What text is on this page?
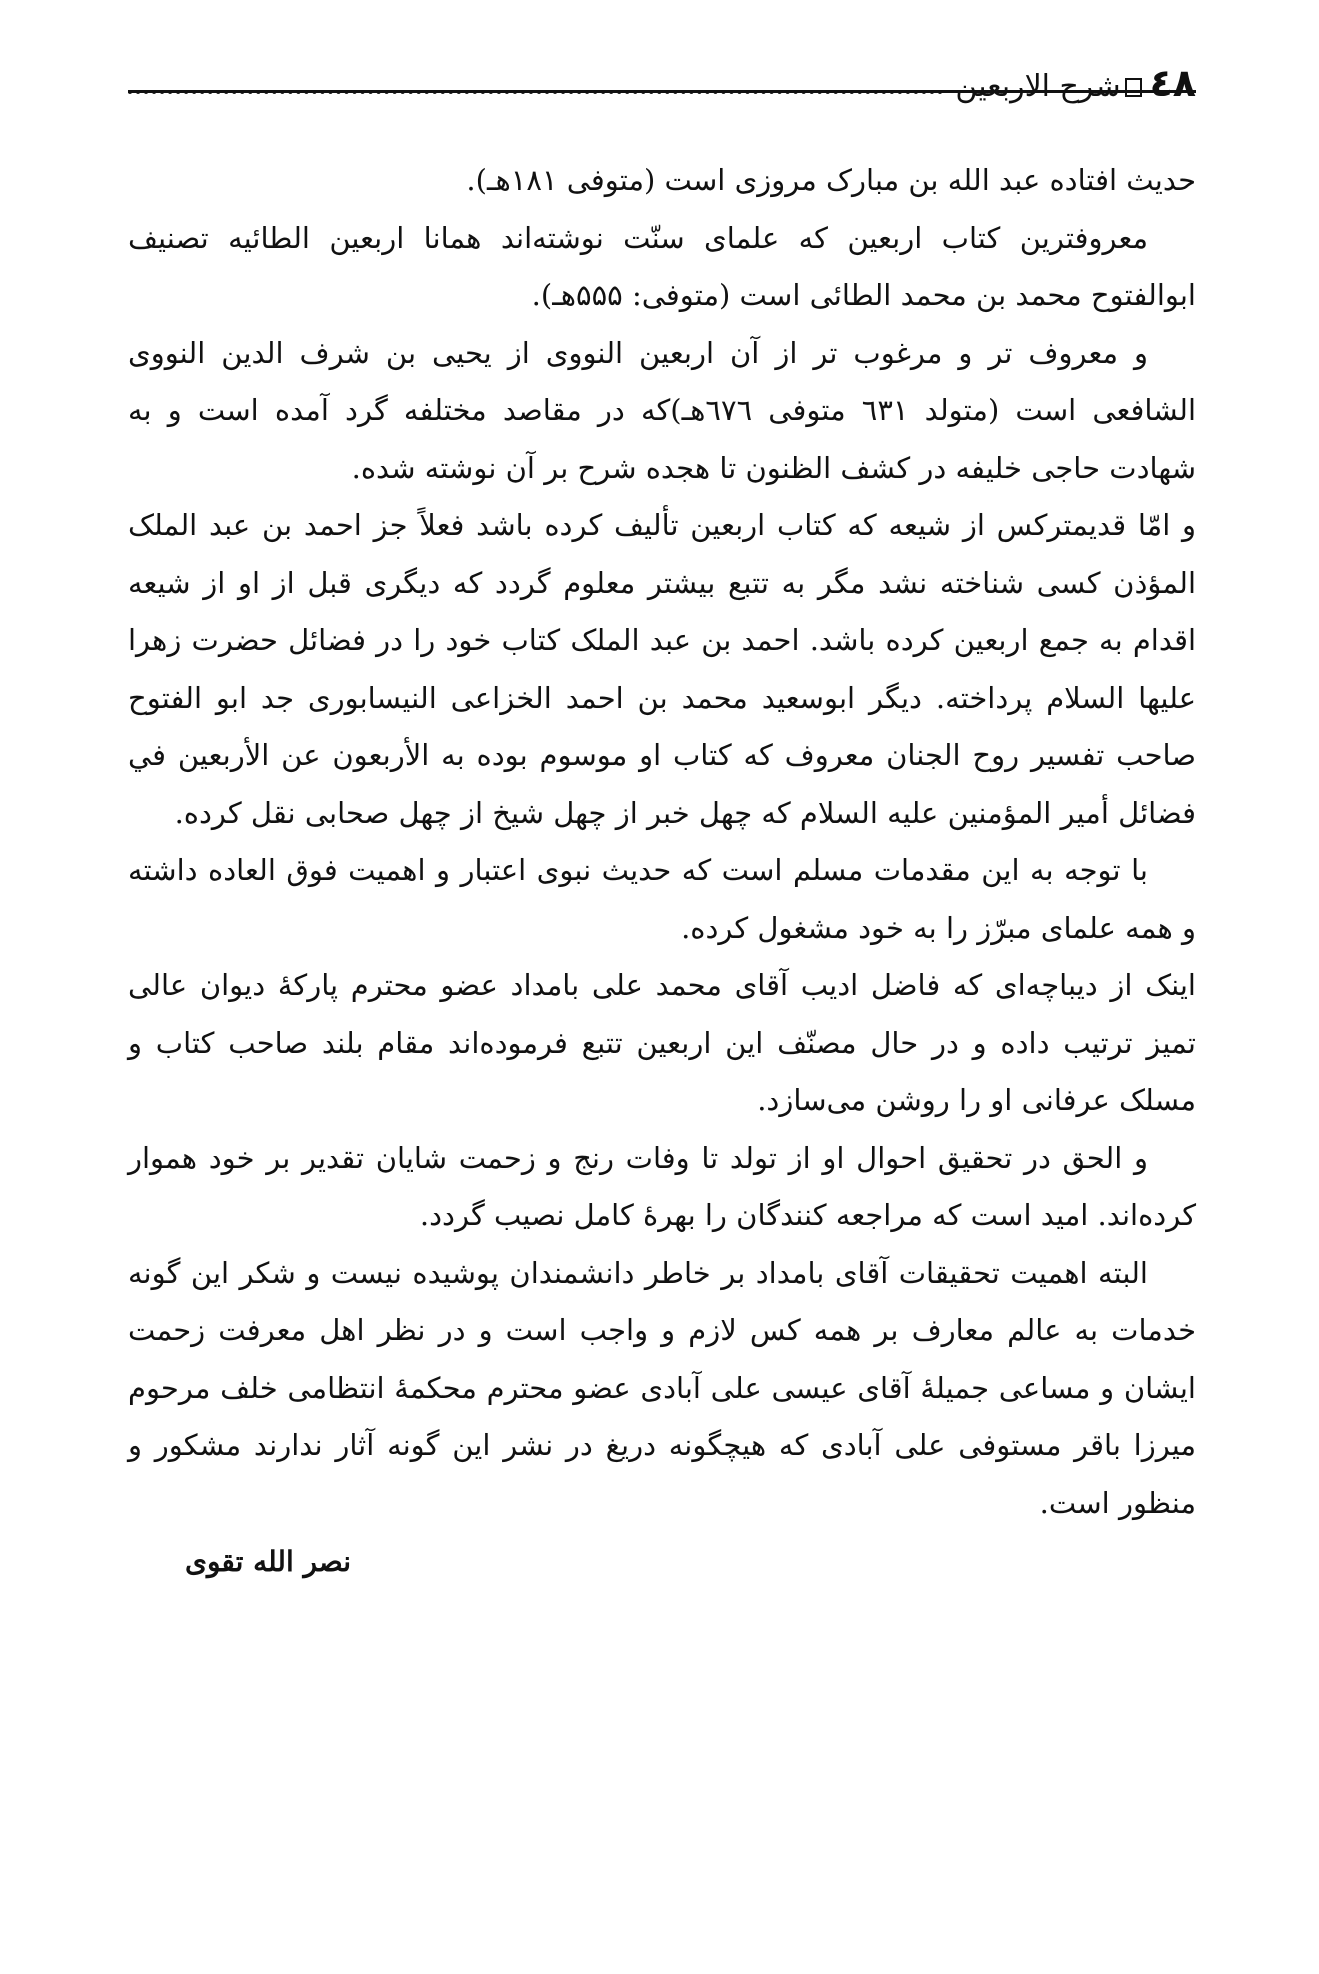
٤٨
شرح الاربعين

حدیث افتاده عبد الله بن مبارک مروزی است (متوفی ۱۸۱هـ).

معروفترین کتاب اربعین که علمای سنّت نوشته‌اند همانا اربعین الطائیه تصنیف ابوالفتوح محمد بن محمد الطائی است (متوفی: ۵۵۵هـ).

و معروف تر و مرغوب تر از آن اربعین النووی از یحیی بن شرف الدین النووی الشافعی است (متولد ٦٣١ متوفی ٦٧٦هـ)که در مقاصد مختلفه گرد آمده است و به شهادت حاجی خلیفه در کشف الظنون تا هجده شرح بر آن نوشته شده.

و امّا قدیمترکس از شیعه که کتاب اربعین تألیف کرده باشد فعلاً جز احمد بن عبد الملک المؤذن کسی شناخته نشد مگر به تتبع بیشتر معلوم گردد که دیگری قبل از او از شیعه اقدام به جمع اربعین کرده باشد. احمد بن عبد الملک کتاب خود را در فضائل حضرت زهرا علیها السلام پرداخته. دیگر ابوسعید محمد بن احمد الخزاعی النیسابوری جد ابو الفتوح صاحب تفسیر روح الجنان معروف که کتاب او موسوم بوده به الأربعون عن الأربعین في فضائل أمير المؤمنين عليه السلام که چهل خبر از چهل شیخ از چهل صحابی نقل کرده.

با توجه به این مقدمات مسلم است که حدیث نبوی اعتبار و اهمیت فوق العاده داشته و همه علمای مبرّز را به خود مشغول کرده.

اینک از دیباچه‌ای که فاضل ادیب آقای محمد علی بامداد عضو محترم پارکهٔ دیوان عالی تمیز ترتیب داده و در حال مصنّف این اربعین تتبع فرموده‌اند مقام بلند صاحب کتاب و مسلک عرفانی او را روشن می‌سازد.

و الحق در تحقیق احوال او از تولد تا وفات رنج و زحمت شایان تقدیر بر خود هموار کرده‌اند. امید است که مراجعه کنندگان را بهرهٔ کامل نصیب گردد.

البته اهمیت تحقیقات آقای بامداد بر خاطر دانشمندان پوشیده نیست و شکر این گونه خدمات به عالم معارف بر همه کس لازم و واجب است و در نظر اهل معرفت زحمت ایشان و مساعی جمیلهٔ آقای عیسی علی آبادی عضو محترم محکمهٔ انتظامی خلف مرحوم میرزا باقر مستوفی علی آبادی که هیچگونه دریغ در نشر این گونه آثار ندارند مشکور و منظور است.

نصر الله تقوی
